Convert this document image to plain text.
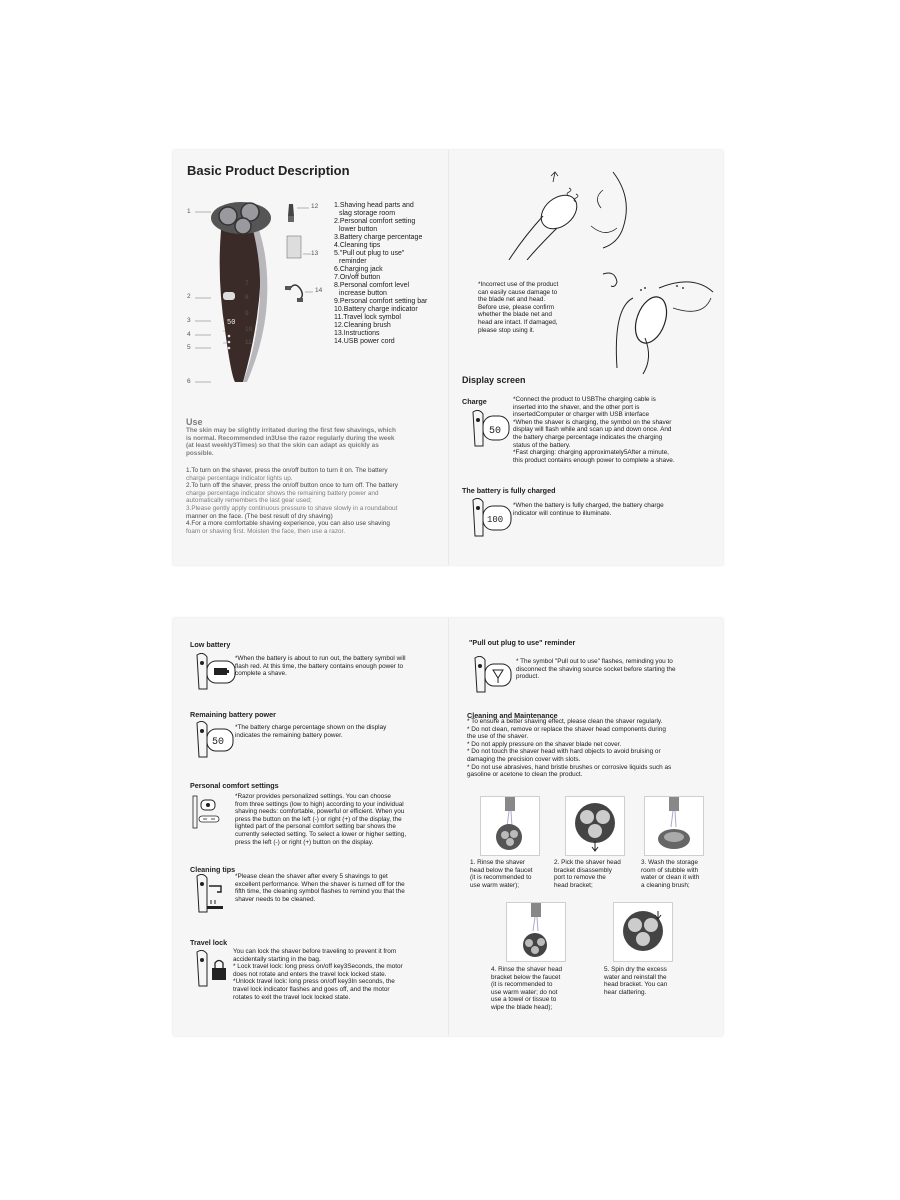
Basic Product Description
50
1
2
3
4
5
6
7
8
9
10
11
12
13
14
1.Shaving head parts and
slag storage room
2.Personal comfort setting
lower button
3.Battery charge percentage
4.Cleaning tips
5."Pull out plug to use"
reminder
6.Charging jack
7.On/off button
8.Personal comfort level
increase button
9.Personal comfort setting bar
10.Battery charge indicator
11.Travel lock symbol
12.Cleaning brush
13.Instructions
14.USB power cord
Use
The skin may be slightly irritated during the first few shavings, which
is normal. Recommended in3Use the razor regularly during the week
(at least weekly3Times) so that the skin can adapt as quickly as
possible.
1.To turn on the shaver, press the on/off button to turn it on. The battery
charge percentage indicator lights up.
2.To turn off the shaver, press the on/off button once to turn off. The battery
charge percentage indicator shows the remaining battery power and
automatically remembers the last gear used;
3.Please gently apply continuous pressure to shave slowly in a roundabout
manner on the face. (The best result of dry shaving)
4.For a more comfortable shaving experience, you can also use shaving
foam or shaving first. Moisten the face, then use a razor.
*Incorrect use of the product
can easily cause damage to
the blade net and head.
Before use, please confirm
whether the blade net and
head are intact. If damaged,
please stop using it.
Display screen
Charge
50
*Connect the product to USBThe charging cable is
inserted into the shaver, and the other port is
insertedComputer or charger with USB interface
*When the shaver is charging, the symbol on the shaver
display will flash while and scan up and down once. And
the battery charge percentage indicates the charging
status of the battery.
*Fast charging: charging approximately5After a minute,
this product contains enough power to complete a shave.
The battery is fully charged
100
*When the battery is fully charged, the battery charge
indicator will continue to illuminate.
Low battery
*When the battery is about to run out, the battery symbol will
flash red. At this time, the battery contains enough power to
complete a shave.
Remaining battery power
50
*The battery charge percentage shown on the display
indicates the remaining battery power.
Personal comfort settings
*Razor provides personalized settings. You can choose
from three settings (low to high) according to your individual
shaving needs: comfortable, powerful or efficient. When you
press the button on the left (-) or right (+) of the display, the
lighted part of the personal comfort setting bar shows the
currently selected setting. To select a lower or higher setting,
press the left (-) or right (+) button on the display.
Cleaning tips
*Please clean the shaver after every 5 shavings to get
excellent performance. When the shaver is turned off for the
fifth time, the cleaning symbol flashes to remind you that the
shaver needs to be cleaned.
Travel lock
You can lock the shaver before traveling to prevent it from
accidentally starting in the bag.
* Lock travel lock: long press on/off key3Seconds, the motor
does not rotate and enters the travel lock locked state.
*Unlock travel lock: long press on/off key3In seconds, the
travel lock indicator flashes and goes off, and the motor
rotates to exit the travel lock locked state.
"Pull out plug to use" reminder
* The symbol "Pull out to use" flashes, reminding you to
disconnect the shaving source socket before starting the
product.
Cleaning and Maintenance
* To ensure a better shaving effect, please clean the shaver regularly.
* Do not clean, remove or replace the shaver head components during
the use of the shaver.
* Do not apply pressure on the shaver blade net cover.
* Do not touch the shaver head with hard objects to avoid bruising or
damaging the precision cover with slots.
* Do not use abrasives, hand bristle brushes or corrosive liquids such as
gasoline or acetone to clean the product.
1. Rinse the shaver
head below the faucet
(it is recommended to
use warm water);
2. Pick the shaver head
bracket disassembly
port to remove the
head bracket;
3. Wash the storage
room of stubble with
water or clean it with
a cleaning brush;
4. Rinse the shaver head
bracket below the faucet
(it is recommended to
use warm water; do not
use a towel or tissue to
wipe the blade head);
5. Spin dry the excess
water and reinstall the
head bracket. You can
hear clattering.
